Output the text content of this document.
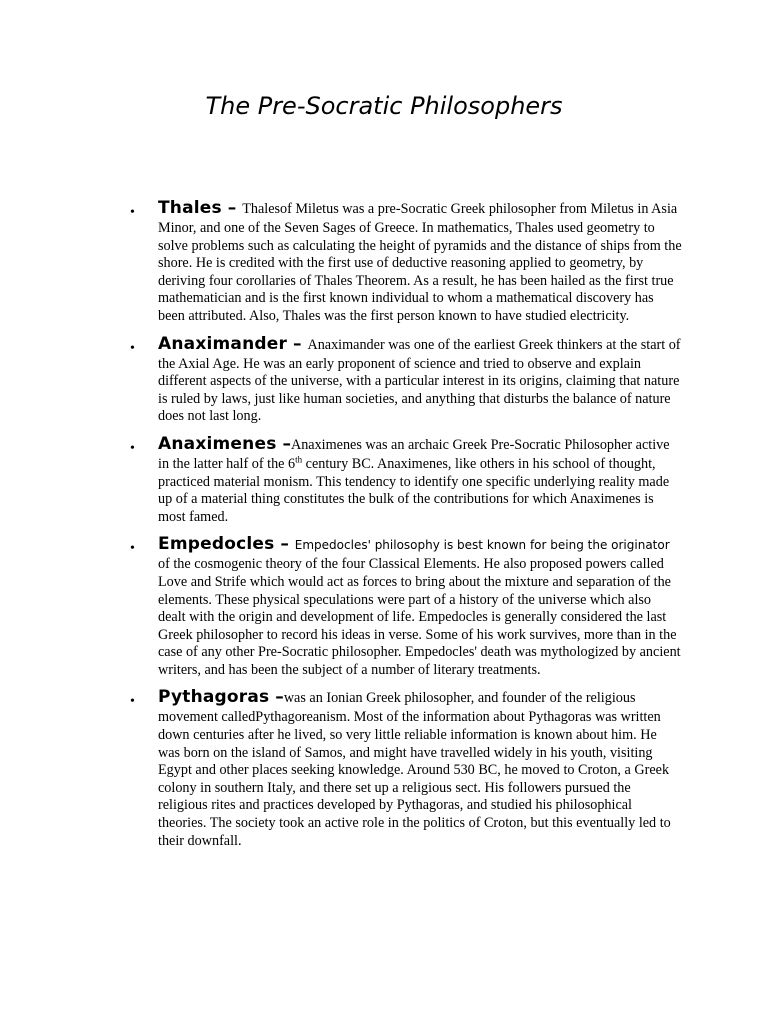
The Pre-Socratic Philosophers
• Thales – Thalesof Miletus was a pre-Socratic Greek philosopher from Miletus in Asia Minor, and one of the Seven Sages of Greece. In mathematics, Thales used geometry to solve problems such as calculating the height of pyramids and the distance of ships from the shore. He is credited with the first use of deductive reasoning applied to geometry, by deriving four corollaries of Thales Theorem. As a result, he has been hailed as the first true mathematician and is the first known individual to whom a mathematical discovery has been attributed. Also, Thales was the first person known to have studied electricity.
• Anaximander – Anaximander was one of the earliest Greek thinkers at the start of the Axial Age. He was an early proponent of science and tried to observe and explain different aspects of the universe, with a particular interest in its origins, claiming that nature is ruled by laws, just like human societies, and anything that disturbs the balance of nature does not last long.
• Anaximenes –Anaximenes was an archaic Greek Pre-Socratic Philosopher active in the latter half of the 6th century BC. Anaximenes, like others in his school of thought, practiced material monism. This tendency to identify one specific underlying reality made up of a material thing constitutes the bulk of the contributions for which Anaximenes is most famed.
• Empedocles – Empedocles' philosophy is best known for being the originator of the cosmogenic theory of the four Classical Elements. He also proposed powers called Love and Strife which would act as forces to bring about the mixture and separation of the elements. These physical speculations were part of a history of the universe which also dealt with the origin and development of life. Empedocles is generally considered the last Greek philosopher to record his ideas in verse. Some of his work survives, more than in the case of any other Pre-Socratic philosopher. Empedocles' death was mythologized by ancient writers, and has been the subject of a number of literary treatments.
• Pythagoras –was an Ionian Greek philosopher, and founder of the religious movement calledPythagoreanism. Most of the information about Pythagoras was written down centuries after he lived, so very little reliable information is known about him. He was born on the island of Samos, and might have travelled widely in his youth, visiting Egypt and other places seeking knowledge. Around 530 BC, he moved to Croton, a Greek colony in southern Italy, and there set up a religious sect. His followers pursued the religious rites and practices developed by Pythagoras, and studied his philosophical theories. The society took an active role in the politics of Croton, but this eventually led to their downfall.
